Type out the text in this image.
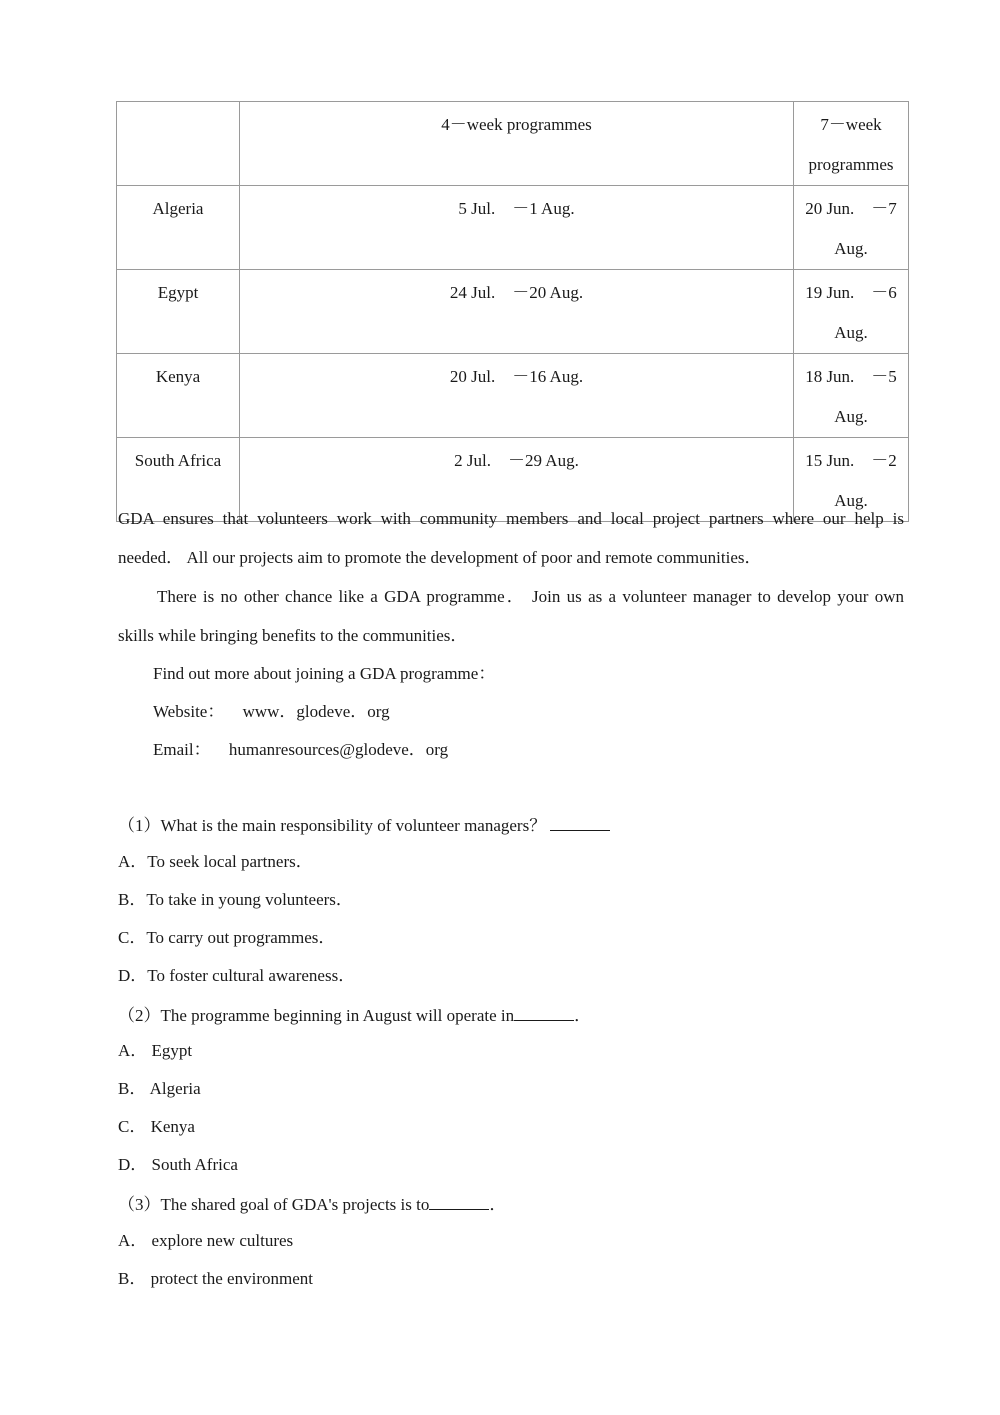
	4－week programmes	7－week programmes
Algeria	5 Jul.　－1 Aug.	20 Jun.　－7 Aug.
Egypt	24 Jul.　－20 Aug.	19 Jun.　－6 Aug.
Kenya	20 Jul.　－16 Aug.	18 Jun.　－5 Aug.
South Africa	2 Jul.　－29 Aug.	15 Jun.　－2 Aug.
GDA ensures that volunteers work with community members and local project partners where our help is
needed． All our projects aim to promote the development of poor and remote communities．
There is no other chance like a GDA programme． Join us as a volunteer manager to develop your own
skills while bringing benefits to the communities．
Find out more about joining a GDA programme：
Website： www．glodeve．org
Email： humanresources@glodeve．org
（1）What is the main responsibility of volunteer managers？
A．To seek local partners．
B．To take in young volunteers．
C．To carry out programmes．
D．To foster cultural awareness．
（2）The programme beginning in August will operate in	．
A． Egypt
B． Algeria
C． Kenya
D． South Africa
（3）The shared goal of GDA's projects is to	．
A． explore new cultures
B． protect the environment
